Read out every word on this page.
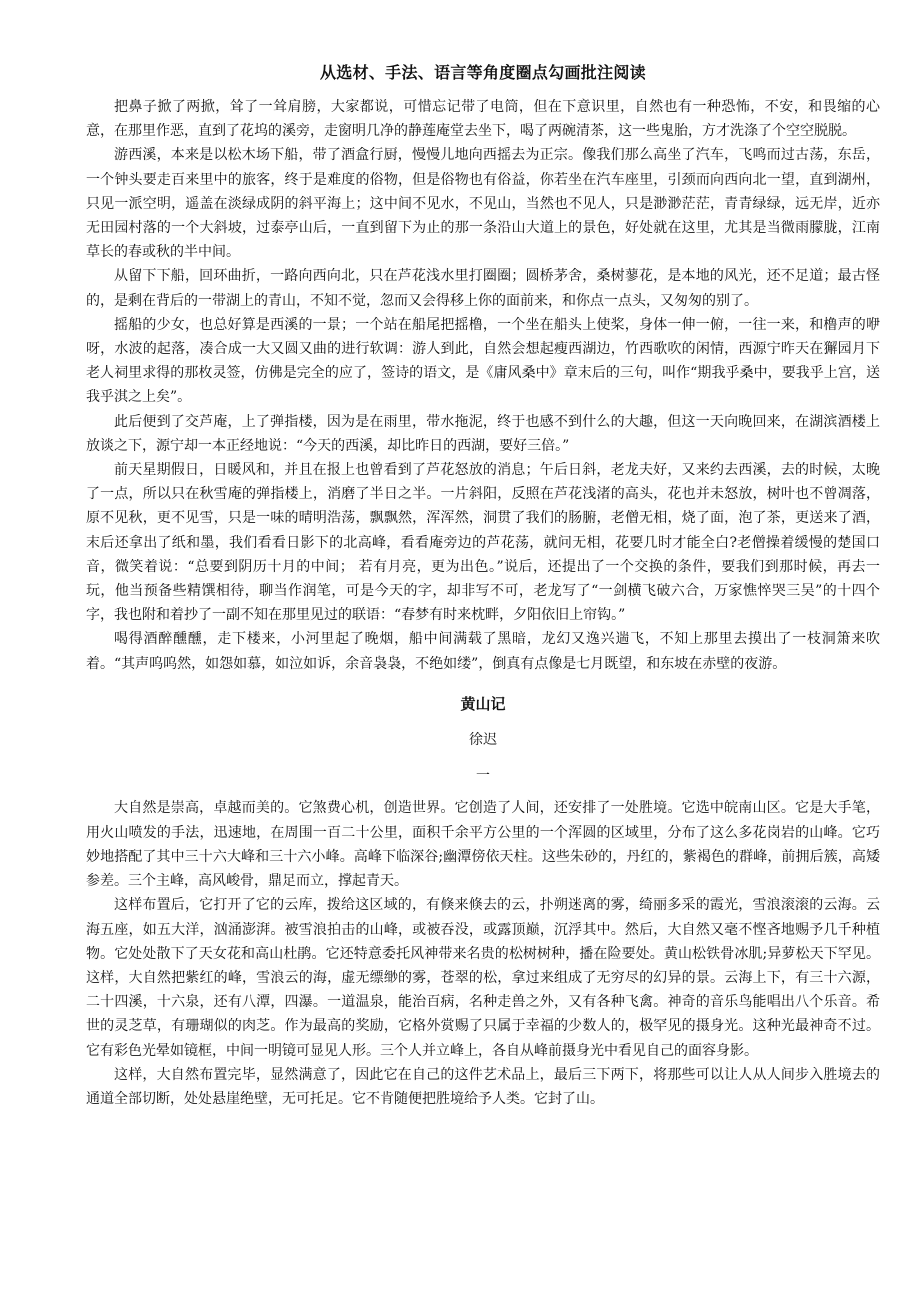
从选材、手法、语言等角度圈点勾画批注阅读

把鼻子掀了两掀，耸了一耸肩膀，大家都说，可惜忘记带了电筒，但在下意识里，自然也有一种恐怖，不安，和畏缩的心意，在那里作恶，直到了花坞的溪旁，走窗明几净的静莲庵堂去坐下，喝了两碗清茶，这一些鬼胎，方才洗涤了个空空脱脱。

游西溪，本来是以松木场下船，带了酒盒行厨，慢慢儿地向西摇去为正宗。像我们那么高坐了汽车，飞鸣而过古荡，东岳，一个钟头要走百来里中的旅客，终于是难度的俗物，但是俗物也有俗益，你若坐在汽车座里，引颈而向西向北一望，直到湖州，只见一派空明，遥盖在淡绿成阴的斜平海上；这中间不见水，不见山，当然也不见人，只是渺渺茫茫，青青绿绿，远无岸，近亦无田园村落的一个大斜坡，过泰亭山后，一直到留下为止的那一条沿山大道上的景色，好处就在这里，尤其是当微雨朦胧，江南草长的春或秋的半中间。

从留下下船，回环曲折，一路向西向北，只在芦花浅水里打圈圈；圆桥茅舍，桑树蓼花，是本地的风光，还不足道；最古怪的，是剩在背后的一带湖上的青山，不知不觉，忽而又会得移上你的面前来，和你点一点头，又匆匆的别了。

摇船的少女，也总好算是西溪的一景；一个站在船尾把摇橹，一个坐在船头上使桨，身体一伸一俯，一往一来，和橹声的咿呀，水波的起落，凑合成一大又圆又曲的进行软调：游人到此，自然会想起瘦西湖边，竹西歌吹的闲情，西源宁昨天在獬园月下老人祠里求得的那枚灵签，仿佛是完全的应了，签诗的语文，是《庸风桑中》章末后的三句，叫作“期我乎桑中，要我乎上宫，送我乎淇之上矣”。

此后便到了交芦庵，上了弹指楼，因为是在雨里，带水拖泥，终于也感不到什么的大趣，但这一天向晚回来，在湖滨酒楼上放谈之下，源宁却一本正经地说：“今天的西溪，却比昨日的西湖，要好三倍。”

前天星期假日，日暖风和，并且在报上也曾看到了芦花怒放的消息；午后日斜，老龙夫好，又来约去西溪，去的时候，太晚了一点，所以只在秋雪庵的弹指楼上，消磨了半日之半。一片斜阳，反照在芦花浅渚的高头，花也并未怒放，树叶也不曾凋落，原不见秋，更不见雪，只是一味的晴明浩荡，飘飘然，浑浑然，洞贯了我们的肠腑，老僧无相，烧了面，泡了茶，更送来了酒，末后还拿出了纸和墨，我们看看日影下的北高峰，看看庵旁边的芦花荡，就问无相，花要几时才能全白?老僧操着缓慢的楚国口音，微笑着说：“总要到阴历十月的中间； 若有月亮，更为出色。”说后，还提出了一个交换的条件，要我们到那时候，再去一玩，他当预备些精馔相待，聊当作润笔，可是今天的字，却非写不可，老龙写了“一剑横飞破六合，万家憔悴哭三吴”的十四个字，我也附和着抄了一副不知在那里见过的联语：“春梦有时来枕畔，夕阳依旧上帘钩。”

喝得酒醉醺醺，走下楼来，小河里起了晚烟，船中间满载了黑暗，龙幻又逸兴遄飞，不知上那里去摸出了一枝洞箫来吹着。“其声呜呜然，如怨如慕，如泣如诉，余音袅袅，不绝如缕”，倒真有点像是七月既望，和东坡在赤壁的夜游。

黄山记

徐迟

一

大自然是崇高，卓越而美的。它煞费心机，创造世界。它创造了人间，还安排了一处胜境。它选中皖南山区。它是大手笔，用火山喷发的手法，迅速地，在周围一百二十公里，面积千余平方公里的一个浑圆的区域里，分布了这么多花岗岩的山峰。它巧妙地搭配了其中三十六大峰和三十六小峰。高峰下临深谷;幽潭傍依天柱。这些朱砂的，丹红的，紫褐色的群峰，前拥后簇，高矮参差。三个主峰，高风峻骨，鼎足而立，撑起青天。

这样布置后，它打开了它的云库，拨给这区域的，有倏来倏去的云，扑朔迷离的雾，绮丽多采的霞光，雪浪滚滚的云海。云海五座，如五大洋，汹涌澎湃。被雪浪拍击的山峰，或被吞没，或露顶巅，沉浮其中。然后，大自然又毫不悭吝地赐予几千种植物。它处处散下了天女花和高山杜鹃。它还特意委托风神带来名贵的松树树种，播在险要处。黄山松铁骨冰肌;异萝松天下罕见。这样，大自然把紫红的峰，雪浪云的海，虚无缥缈的雾，苍翠的松，拿过来组成了无穷尽的幻异的景。云海上下，有三十六源，二十四溪，十六泉，还有八潭，四瀑。一道温泉，能治百病，名种走兽之外，又有各种飞禽。神奇的音乐鸟能唱出八个乐音。希世的灵芝草，有珊瑚似的肉芝。作为最高的奖励，它格外赏赐了只属于幸福的少数人的，极罕见的摄身光。这种光最神奇不过。它有彩色光晕如镜框，中间一明镜可显见人形。三个人并立峰上，各自从峰前摄身光中看见自己的面容身影。

这样，大自然布置完毕，显然满意了，因此它在自己的这件艺术品上，最后三下两下，将那些可以让人从人间步入胜境去的通道全部切断，处处悬崖绝壁，无可托足。它不肯随便把胜境给予人类。它封了山。
